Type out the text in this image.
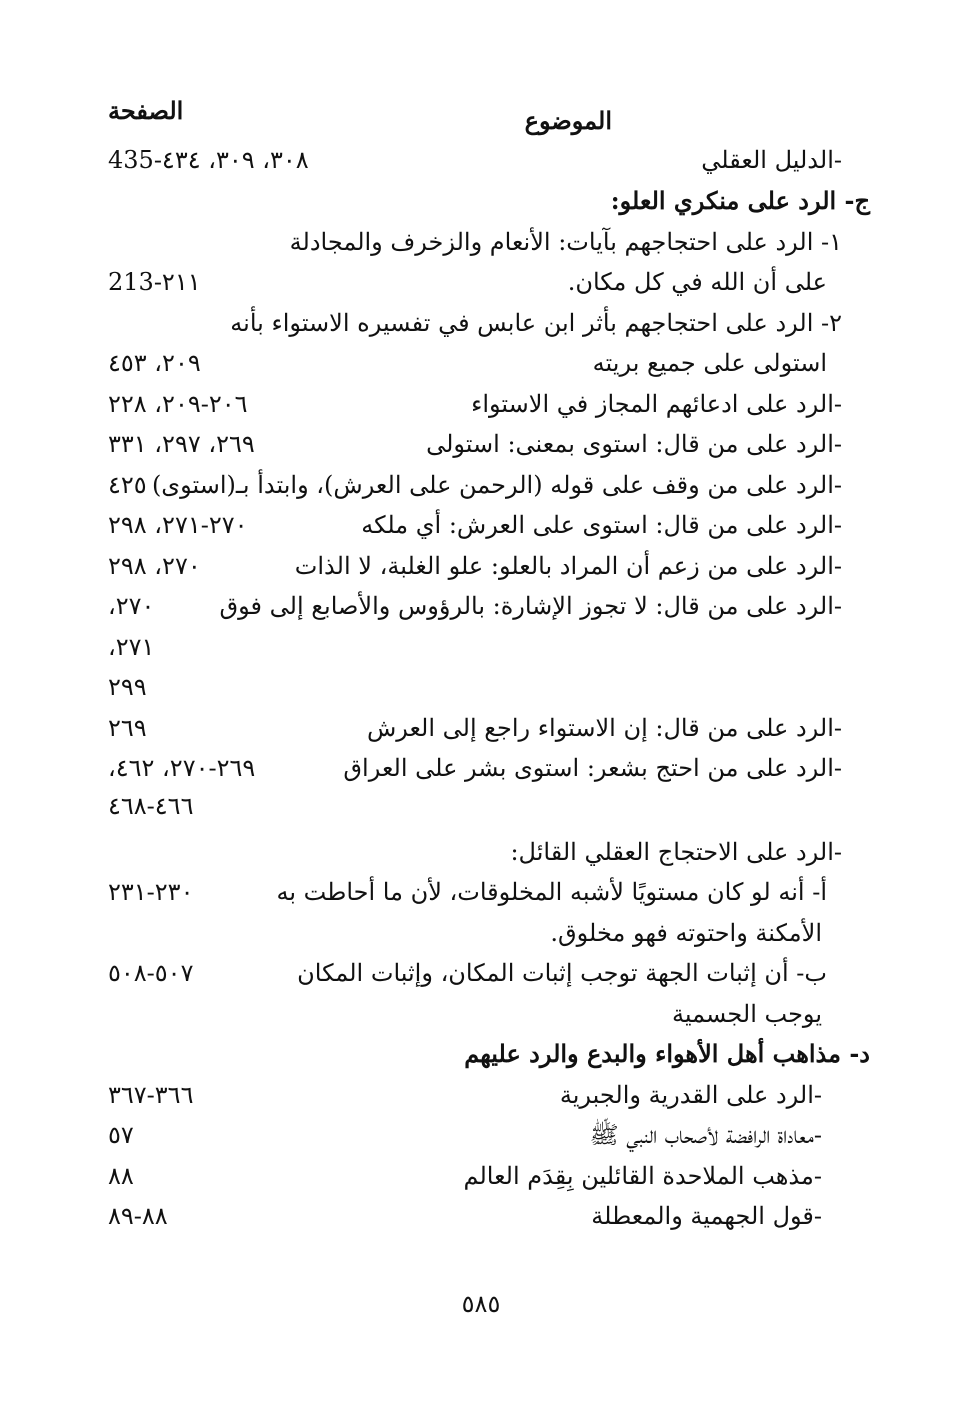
الموضوع
الصفحة
-الدليل العقلي
٣٠٨، ٣٠٩، ٤٣٤-435
ج- الرد على منكري العلو:
١- الرد على احتجاجهم بآيات: الأنعام والزخرف والمجادلة
على أن الله في كل مكان.
٢١١-213
٢- الرد على احتجاجهم بأثر ابن عابس في تفسيره الاستواء بأنه
استولى على جميع بريته
٢٠٩، ٤٥٣
-الرد على ادعائهم المجاز في الاستواء
٢٠٦-٢٠٩، ٢٢٨
-الرد على من قال: استوى بمعنى: استولى
٢٦٩، ٢٩٧، ٣٣١
-الرد على من وقف على قوله (الرحمن على العرش)، وابتدأ بـ(استوى)
٤٢٥
-الرد على من قال: استوى على العرش: أي ملكه
٢٧٠-٢٧١، ٢٩٨
-الرد على من زعم أن المراد بالعلو: علو الغلبة، لا الذات
٢٧٠، ٢٩٨
-الرد على من قال: لا تجوز الإشارة: بالرؤوس والأصابع إلى فوق
٢٧٠،
٢٧١،
٢٩٩
-الرد على من قال: إن الاستواء راجع إلى العرش
٢٦٩
-الرد على من احتج بشعر: استوى بشر على العراق
٢٦٩-٢٧٠، ٤٦٢،
٤٦٦-٤٦٨
-الرد على الاحتجاج العقلي القائل:
أ- أنه لو كان مستويًا لأشبه المخلوقات، لأن ما أحاطت به
٢٣٠-٢٣١
الأمكنة واحتوته فهو مخلوق.
ب- أن إثبات الجهة توجب إثبات المكان، وإثبات المكان
٥٠٧-٥٠٨
يوجب الجسمية
د- مذاهب أهل الأهواء والبدع والرد عليهم
-الرد على القدرية والجبرية
٣٦٦-٣٦٧
-معاداة الرافضة لأصحاب النبي ﷺ
٥٧
-مذهب الملاحدة القائلين بِقِدَم العالم
٨٨
-قول الجهمية والمعطلة
٨٨-٨٩
٥٨٥
